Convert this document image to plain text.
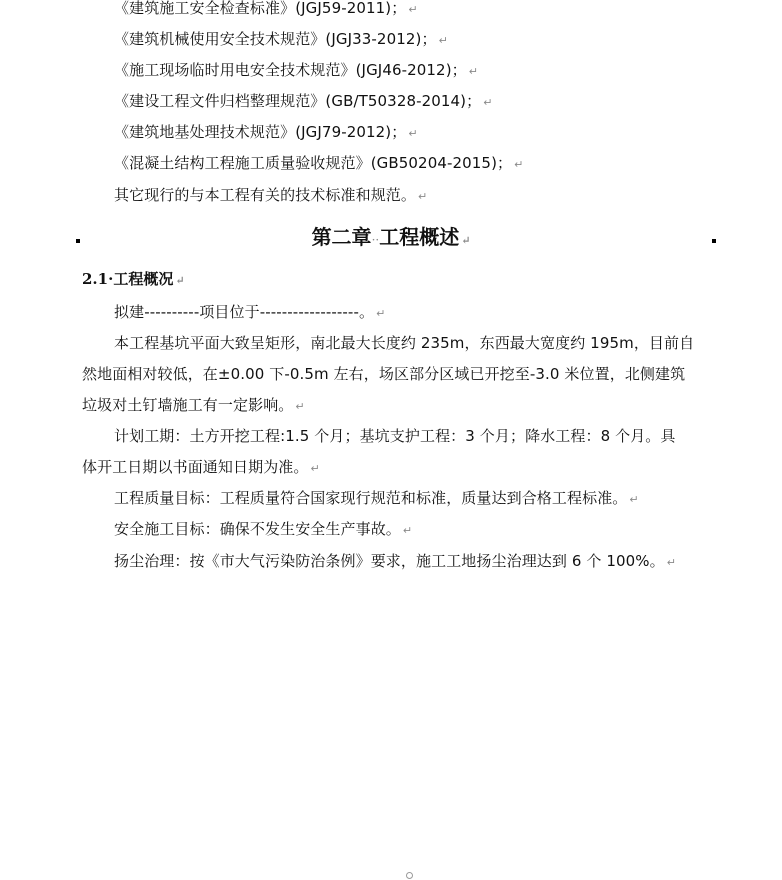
《建筑施工安全检查标准》(JGJ59-2011)； ↵
《建筑机械使用安全技术规范》(JGJ33-2012)； ↵
《施工现场临时用电安全技术规范》(JGJ46-2012)； ↵
《建设工程文件归档整理规范》(GB/T50328-2014)； ↵
《建筑地基处理技术规范》(JGJ79-2012)； ↵
《混凝土结构工程施工质量验收规范》(GB50204-2015)； ↵
其它现行的与本工程有关的技术标准和规范。 ↵
第二章··工程概述 ↵
2.1·工程概况 ↵
拟建----------项目位于------------------。 ↵
本工程基坑平面大致呈矩形，南北最大长度约 235m，东西最大宽度约 195m，目前自
然地面相对较低，在±0.00 下-0.5m 左右，场区部分区域已开挖至-3.0 米位置，北侧建筑
垃圾对土钉墙施工有一定影响。 ↵
计划工期：土方开挖工程:1.5 个月；基坑支护工程：3 个月；降水工程：8 个月。具
体开工日期以书面通知日期为准。 ↵
工程质量目标：工程质量符合国家现行规范和标准，质量达到合格工程标准。 ↵
安全施工目标：确保不发生安全生产事故。 ↵
扬尘治理：按《市大气污染防治条例》要求，施工工地扬尘治理达到 6 个 100%。 ↵
